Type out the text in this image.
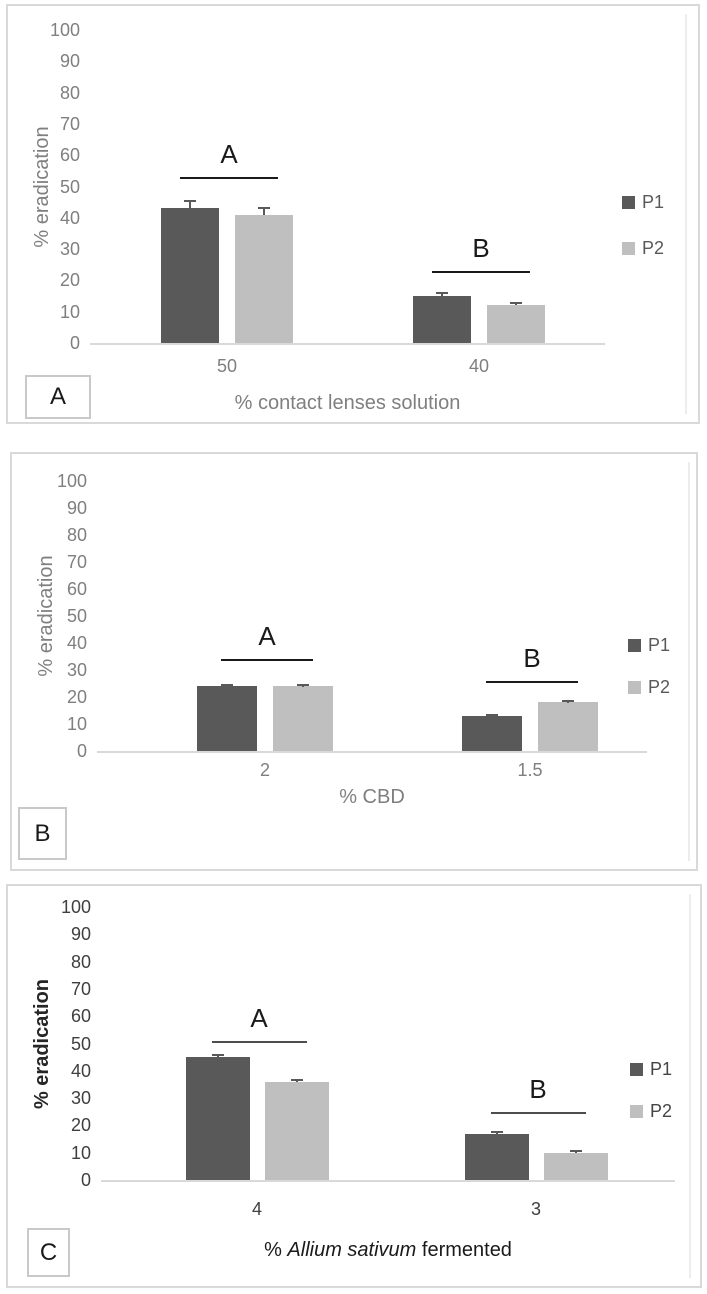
0
10
20
30
40
50
60
70
80
90
100
% eradication
50	40
A
B
P1
P2
% contact lenses solution
A
0
10
20
30
40
50
60
70
80
90
100
% eradication
2	1.5
A
B	P1
P2
% CBD
B
0
10
20
30
40
50
60
70
80
90
100
% eradication
4	3
A
B
P1
P2
% Allium sativum fermented
C
